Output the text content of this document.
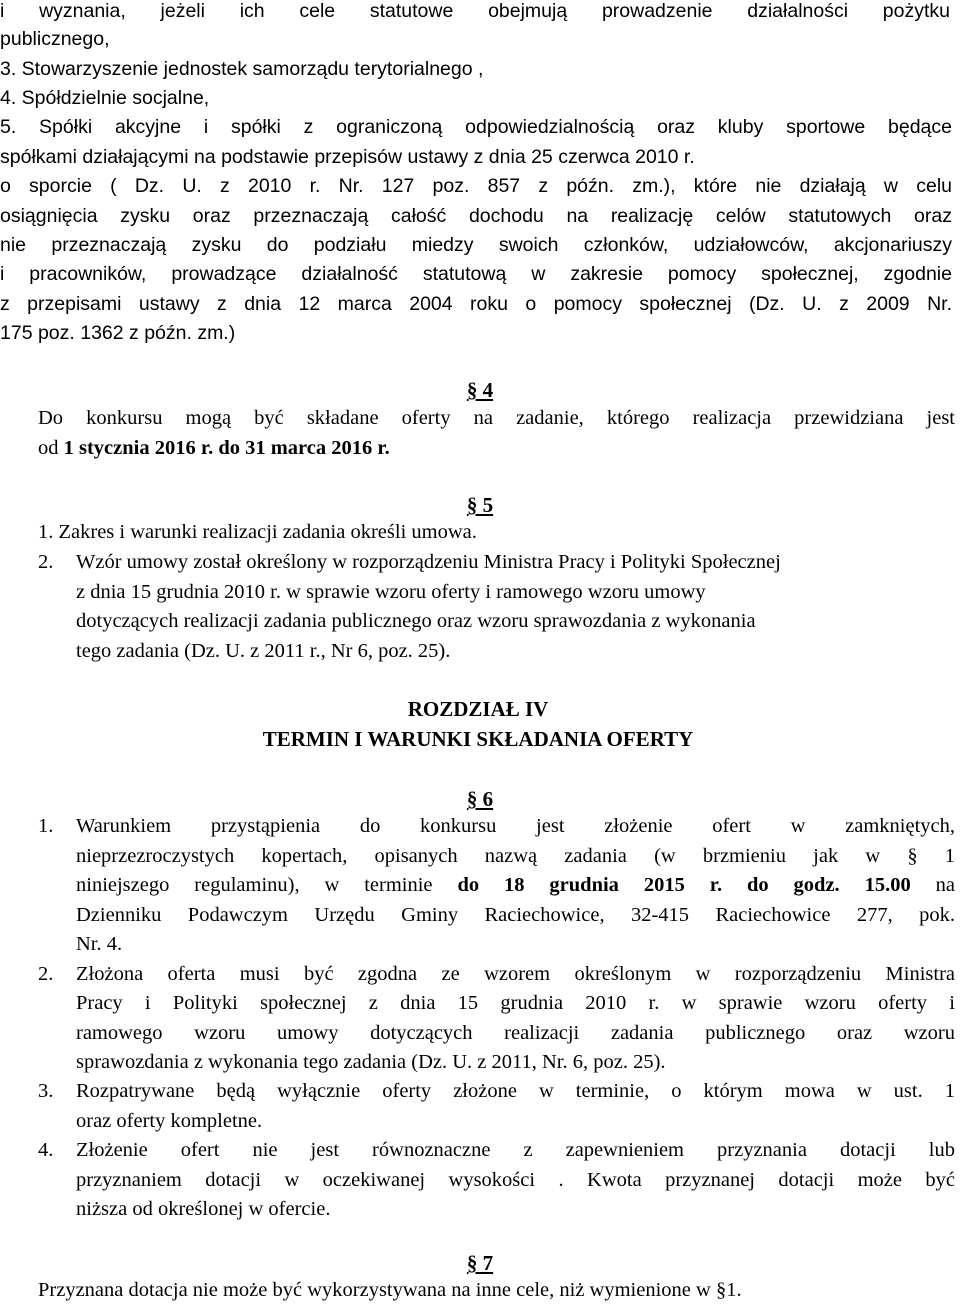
i wyznania, jeżeli ich cele statutowe obejmują prowadzenie działalności pożytku
publicznego,
3. Stowarzyszenie jednostek samorządu terytorialnego ,
4. Spółdzielnie socjalne,
5. Spółki akcyjne i spółki z ograniczoną odpowiedzialnością oraz kluby sportowe będące
spółkami działającymi na podstawie przepisów ustawy z dnia 25 czerwca 2010 r.
o sporcie ( Dz. U. z 2010 r. Nr. 127 poz. 857 z późn. zm.), które nie działają w celu
osiągnięcia zysku oraz przeznaczają całość dochodu na realizację celów statutowych oraz
nie przeznaczają zysku do podziału miedzy swoich członków, udziałowców, akcjonariuszy
i pracowników, prowadzące działalność statutową w zakresie pomocy społecznej, zgodnie
z przepisami ustawy z dnia 12 marca 2004 roku o pomocy społecznej (Dz. U. z 2009 Nr.
175 poz. 1362 z późn. zm.)
§ 4
Do konkursu mogą być składane oferty na zadanie, którego realizacja przewidziana jest
od 1 stycznia 2016 r. do 31 marca 2016 r.
§ 5
1. Zakres i warunki realizacji zadania określi umowa.
2. Wzór umowy został określony w rozporządzeniu Ministra Pracy i Polityki Społecznej
z dnia 15 grudnia 2010 r. w sprawie wzoru oferty i ramowego wzoru umowy
dotyczących realizacji zadania publicznego oraz wzoru sprawozdania z wykonania
tego zadania (Dz. U. z 2011 r., Nr 6, poz. 25).
ROZDZIAŁ IV
TERMIN I WARUNKI SKŁADANIA OFERTY
§ 6
1. Warunkiem przystąpienia do konkursu jest złożenie ofert w zamkniętych,
nieprzezroczystych kopertach, opisanych nazwą zadania (w brzmieniu jak w § 1
niniejszego regulaminu), w terminie do 18 grudnia 2015 r. do godz. 15.00 na
Dzienniku Podawczym Urzędu Gminy Raciechowice, 32-415 Raciechowice 277, pok.
Nr. 4.
2. Złożona oferta musi być zgodna ze wzorem określonym w rozporządzeniu Ministra
Pracy i Polityki społecznej z dnia 15 grudnia 2010 r. w sprawie wzoru oferty i
ramowego wzoru umowy dotyczących realizacji zadania publicznego oraz wzoru
sprawozdania z wykonania tego zadania (Dz. U. z 2011, Nr. 6, poz. 25).
3. Rozpatrywane będą wyłącznie oferty złożone w terminie, o którym mowa w ust. 1
oraz oferty kompletne.
4. Złożenie ofert nie jest równoznaczne z zapewnieniem przyznania dotacji lub
przyznaniem dotacji w oczekiwanej wysokości . Kwota przyznanej dotacji może być
niższa od określonej w ofercie.
§ 7
Przyznana dotacja nie może być wykorzystywana na inne cele, niż wymienione w §1.
